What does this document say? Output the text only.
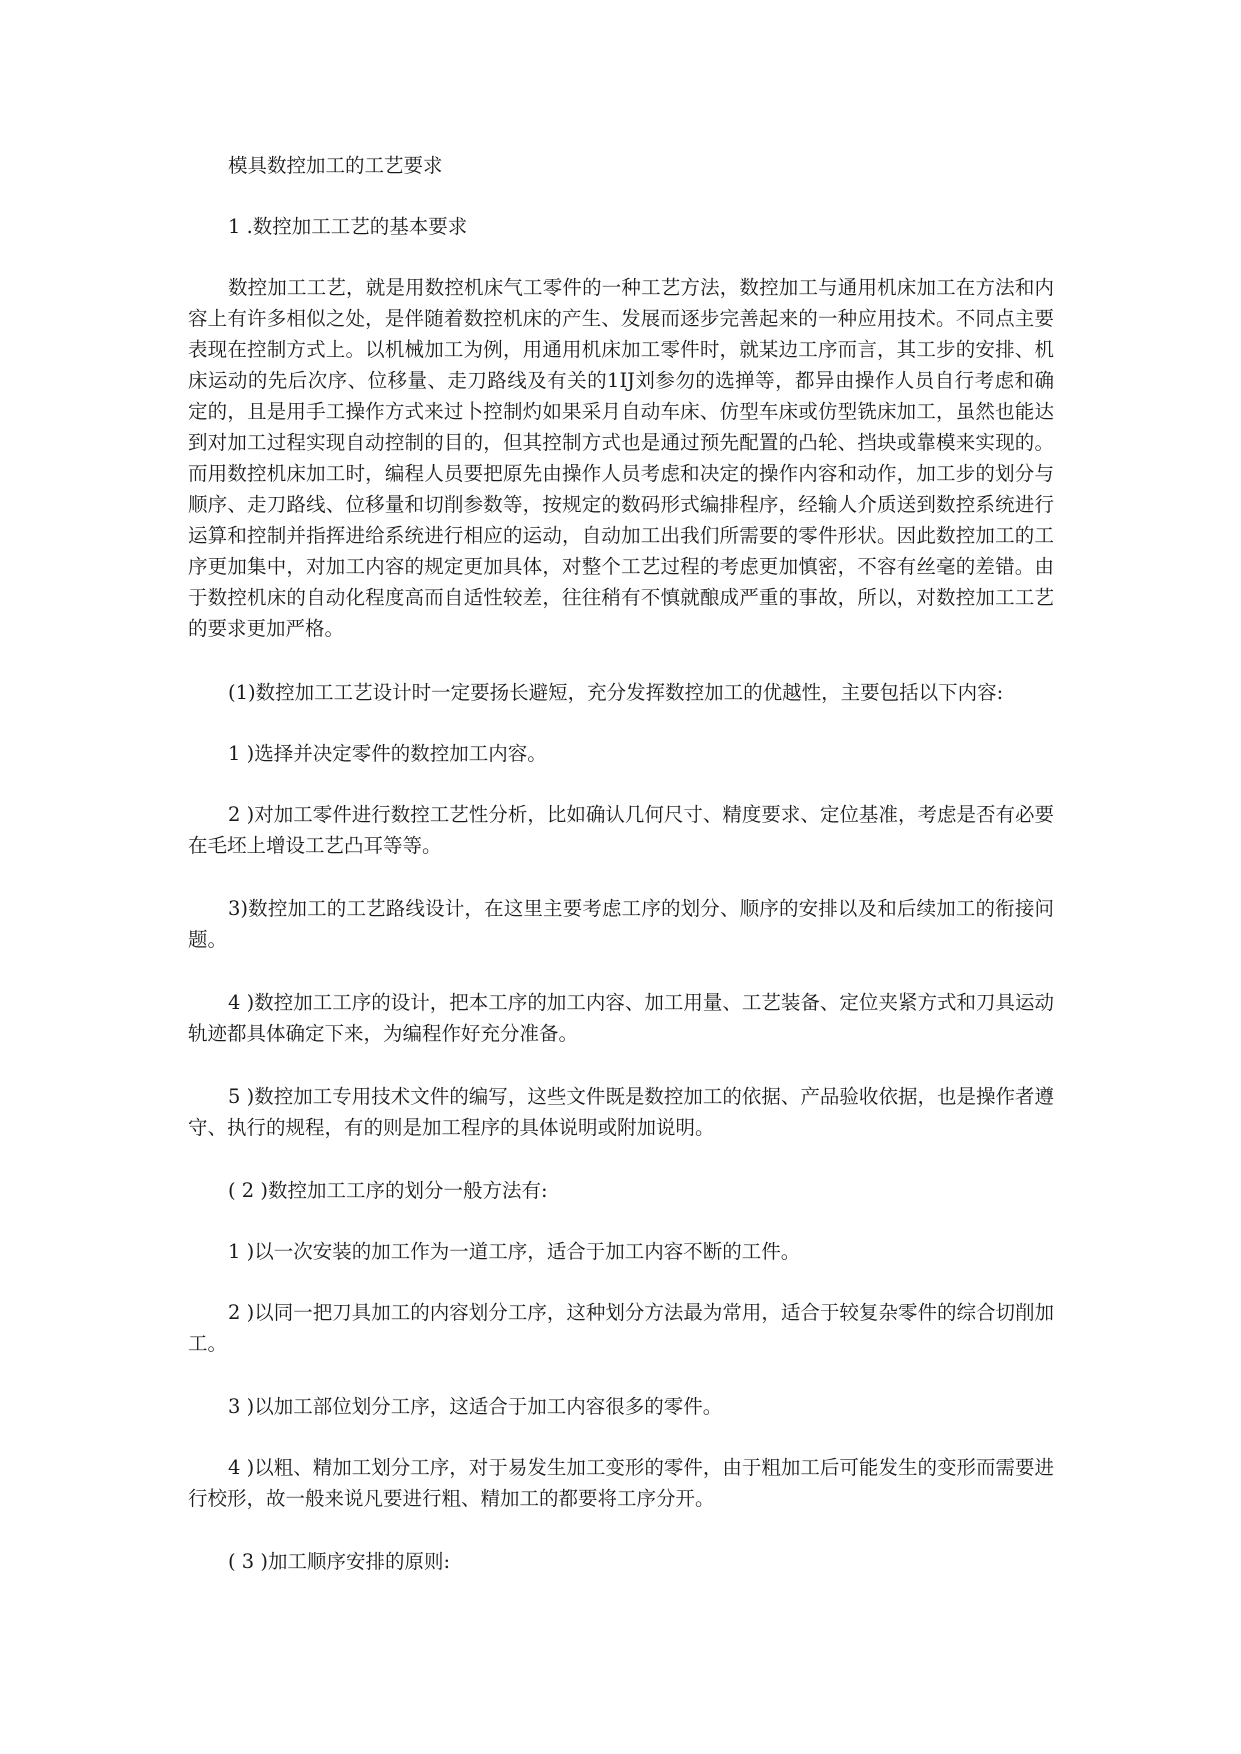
模具数控加工的工艺要求

1 .数控加工工艺的基本要求

数控加工工艺，就是用数控机床气工零件的一种工艺方法，数控加工与通用机床加工在方法和内容上有许多相似之处，是伴随着数控机床的产生、发展而逐步完善起来的一种应用技术。不同点主要表现在控制方式上。以机械加工为例，用通用机床加工零件时，就某边工序而言，其工步的安排、机床运动的先后次序、位移量、走刀路线及有关的1IJ刘参勿的选掸等，都异由操作人员自行考虑和确定的，且是用手工操作方式来过卜控制灼如果采月自动车床、仿型车床或仿型铣床加工，虽然也能达到对加工过程实现自动控制的目的，但其控制方式也是通过预先配置的凸轮、挡块或靠模来实现的。而用数控机床加工时，编程人员要把原先由操作人员考虑和决定的操作内容和动作，加工步的划分与顺序、走刀路线、位移量和切削参数等，按规定的数码形式编排程序，经输人介质送到数控系统进行运算和控制并指挥进给系统进行相应的运动，自动加工出我们所需要的零件形状。因此数控加工的工序更加集中，对加工内容的规定更加具体，对整个工艺过程的考虑更加慎密，不容有丝毫的差错。由于数控机床的自动化程度高而自适性较差，往往稍有不慎就酿成严重的事故，所以，对数控加工工艺的要求更加严格。

(1)数控加工工艺设计时一定要扬长避短，充分发挥数控加工的优越性，主要包括以下内容:

1 )选择并决定零件的数控加工内容。

2 )对加工零件进行数控工艺性分析，比如确认几何尺寸、精度要求、定位基准，考虑是否有必要在毛坯上增设工艺凸耳等等。

3)数控加工的工艺路线设计，在这里主要考虑工序的划分、顺序的安排以及和后续加工的衔接问题。

4 )数控加工工序的设计，把本工序的加工内容、加工用量、工艺装备、定位夹紧方式和刀具运动轨迹都具体确定下来，为编程作好充分准备。

5 )数控加工专用技术文件的编写，这些文件既是数控加工的依据、产品验收依据，也是操作者遵守、执行的规程，有的则是加工程序的具体说明或附加说明。

( 2 )数控加工工序的划分一般方法有:

1 )以一次安装的加工作为一道工序，适合于加工内容不断的工件。

2 )以同一把刀具加工的内容划分工序，这种划分方法最为常用，适合于较复杂零件的综合切削加工。

3 )以加工部位划分工序，这适合于加工内容很多的零件。

4 )以粗、精加工划分工序，对于易发生加工变形的零件，由于粗加工后可能发生的变形而需要进行校形，故一般来说凡要进行粗、精加工的都要将工序分开。

( 3 )加工顺序安排的原则:
